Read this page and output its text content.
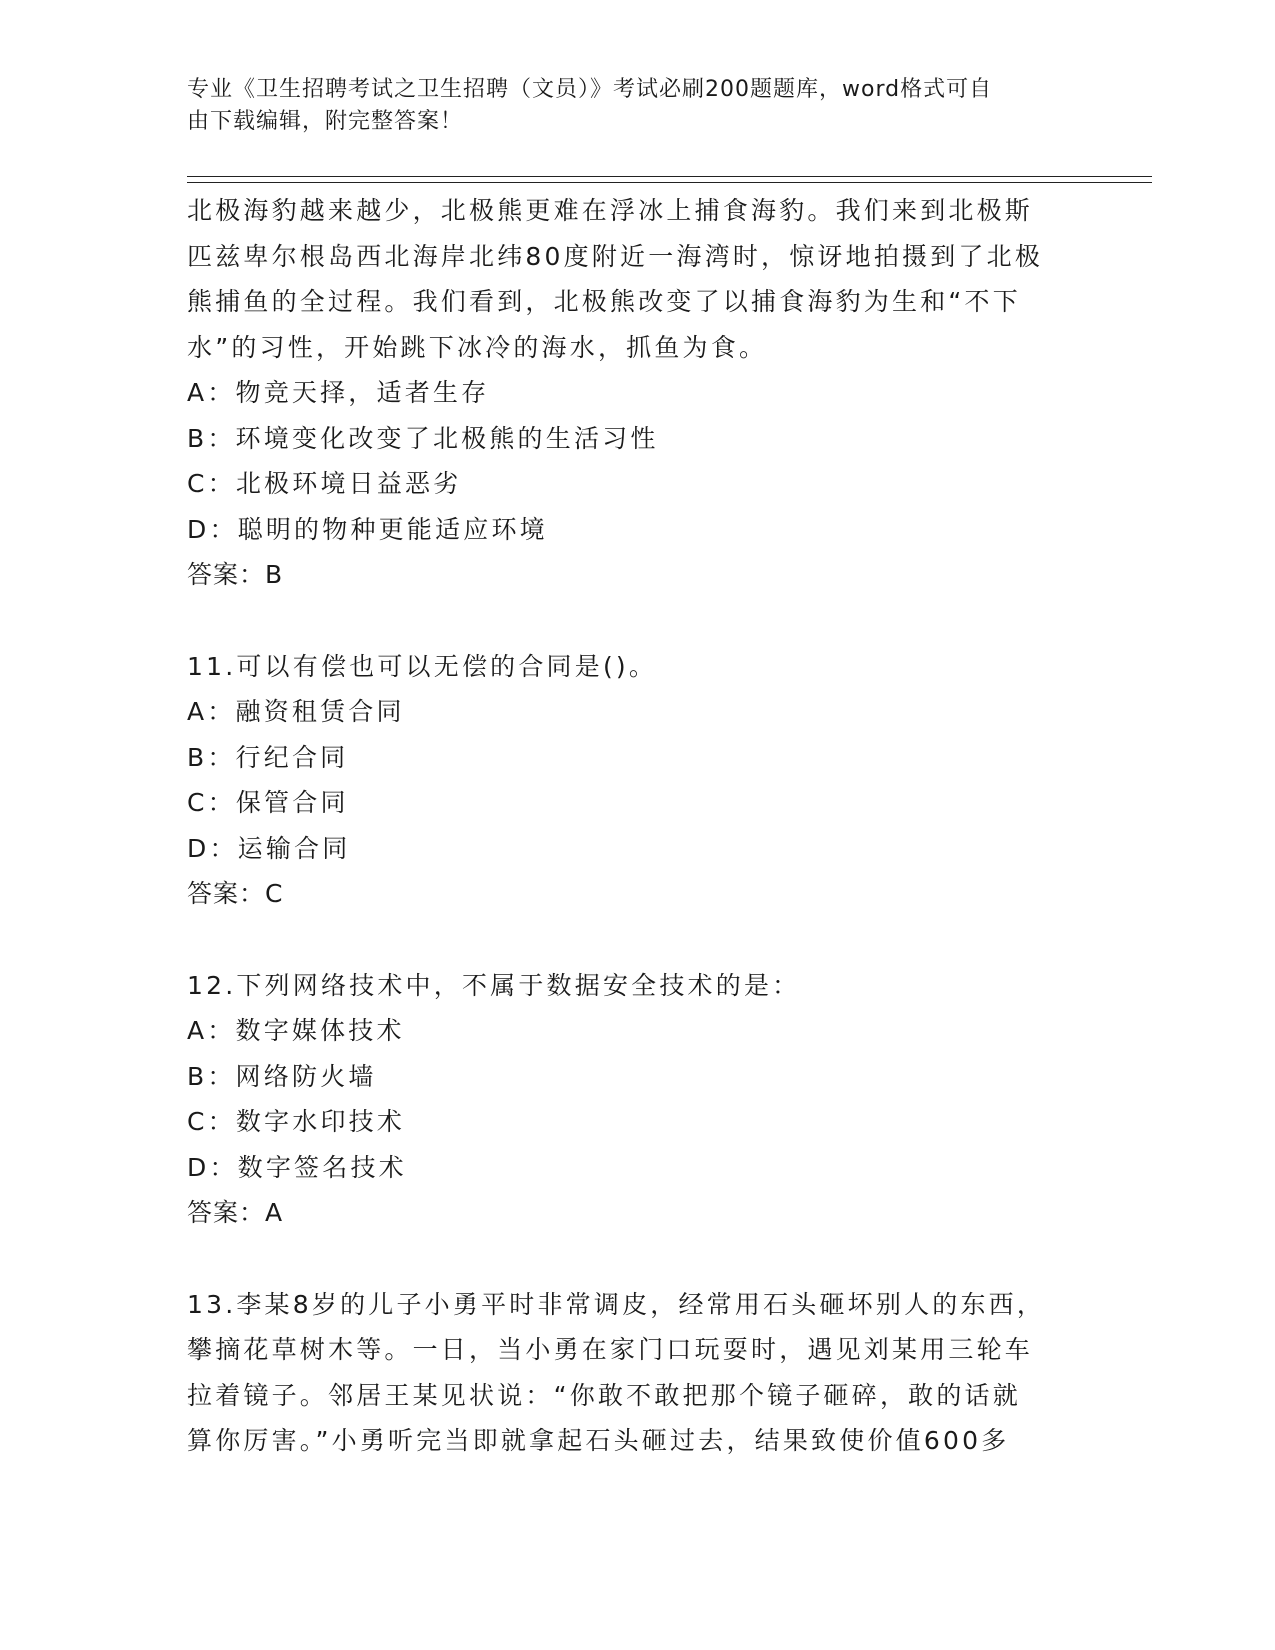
专业《卫生招聘考试之卫生招聘（文员）》考试必刷200题题库，word格式可自
由下载编辑，附完整答案！

北极海豹越来越少，北极熊更难在浮冰上捕食海豹。我们来到北极斯

匹兹卑尔根岛西北海岸北纬80度附近一海湾时，惊讶地拍摄到了北极

熊捕鱼的全过程。我们看到，北极熊改变了以捕食海豹为生和“不下

水”的习性，开始跳下冰冷的海水，抓鱼为食。

A：物竞天择，适者生存

B：环境变化改变了北极熊的生活习性

C：北极环境日益恶劣

D：聪明的物种更能适应环境

答案：B

11.可以有偿也可以无偿的合同是()。

A：融资租赁合同

B：行纪合同

C：保管合同

D：运输合同

答案：C

12.下列网络技术中，不属于数据安全技术的是：

A：数字媒体技术

B：网络防火墙

C：数字水印技术

D：数字签名技术

答案：A

13.李某8岁的儿子小勇平时非常调皮，经常用石头砸坏别人的东西，

攀摘花草树木等。一日，当小勇在家门口玩耍时，遇见刘某用三轮车

拉着镜子。邻居王某见状说：“你敢不敢把那个镜子砸碎，敢的话就

算你厉害。”小勇听完当即就拿起石头砸过去，结果致使价值600多
